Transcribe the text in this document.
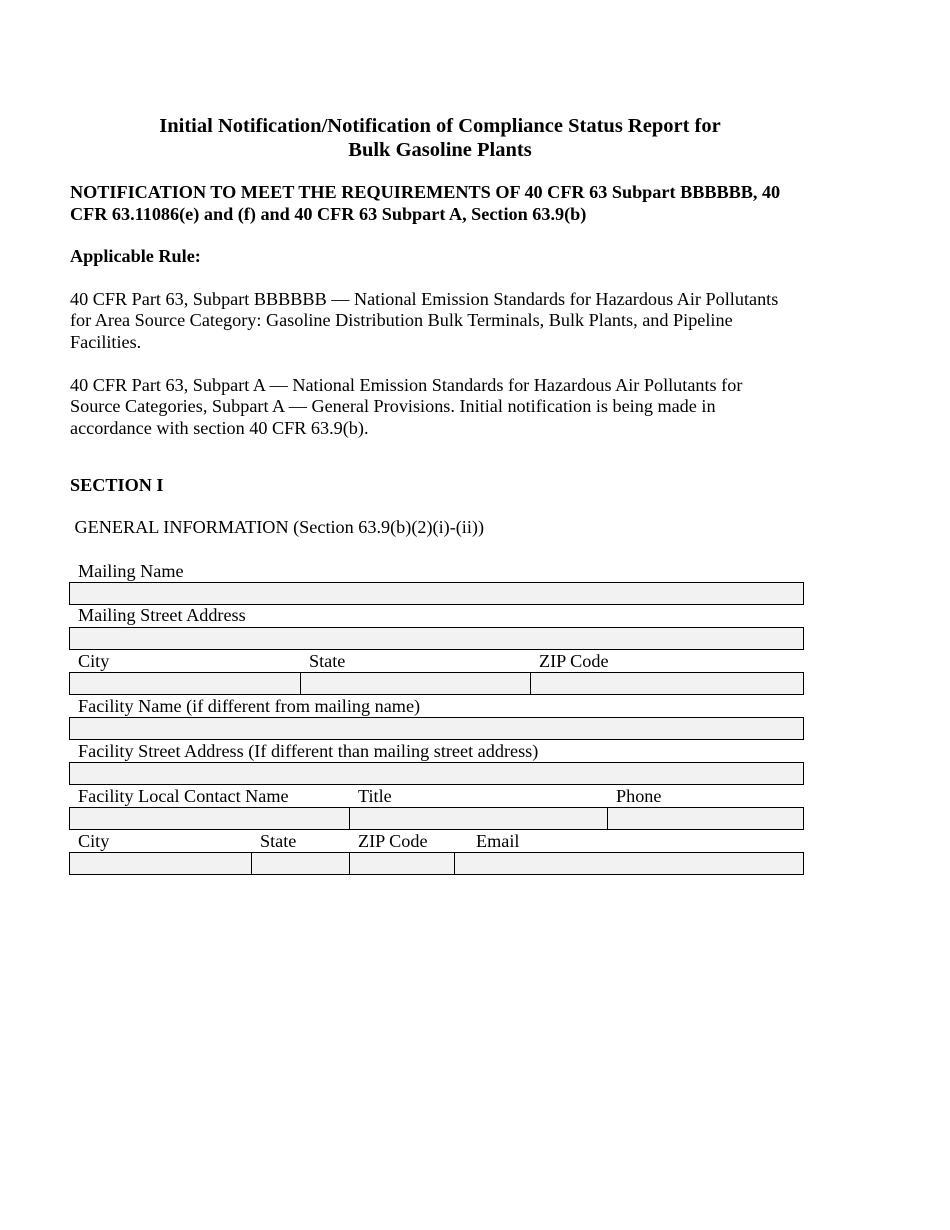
Initial Notification/Notification of Compliance Status Report for
Bulk Gasoline Plants
NOTIFICATION TO MEET THE REQUIREMENTS OF 40 CFR 63 Subpart BBBBBB, 40
CFR 63.11086(e) and (f) and 40 CFR 63 Subpart A, Section 63.9(b)
Applicable Rule:
40 CFR Part 63, Subpart BBBBBB — National Emission Standards for Hazardous Air Pollutants
for Area Source Category: Gasoline Distribution Bulk Terminals, Bulk Plants, and Pipeline
Facilities.
40 CFR Part 63, Subpart A — National Emission Standards for Hazardous Air Pollutants for
Source Categories, Subpart A — General Provisions. Initial notification is being made in
accordance with section 40 CFR 63.9(b).
SECTION I
GENERAL INFORMATION (Section 63.9(b)(2)(i)-(ii))
Mailing Name
Mailing Street Address
City	State	ZIP Code
Facility Name (if different from mailing name)
Facility Street Address (If different than mailing street address)
Facility Local Contact Name	Title	Phone
City	State	ZIP Code	Email
